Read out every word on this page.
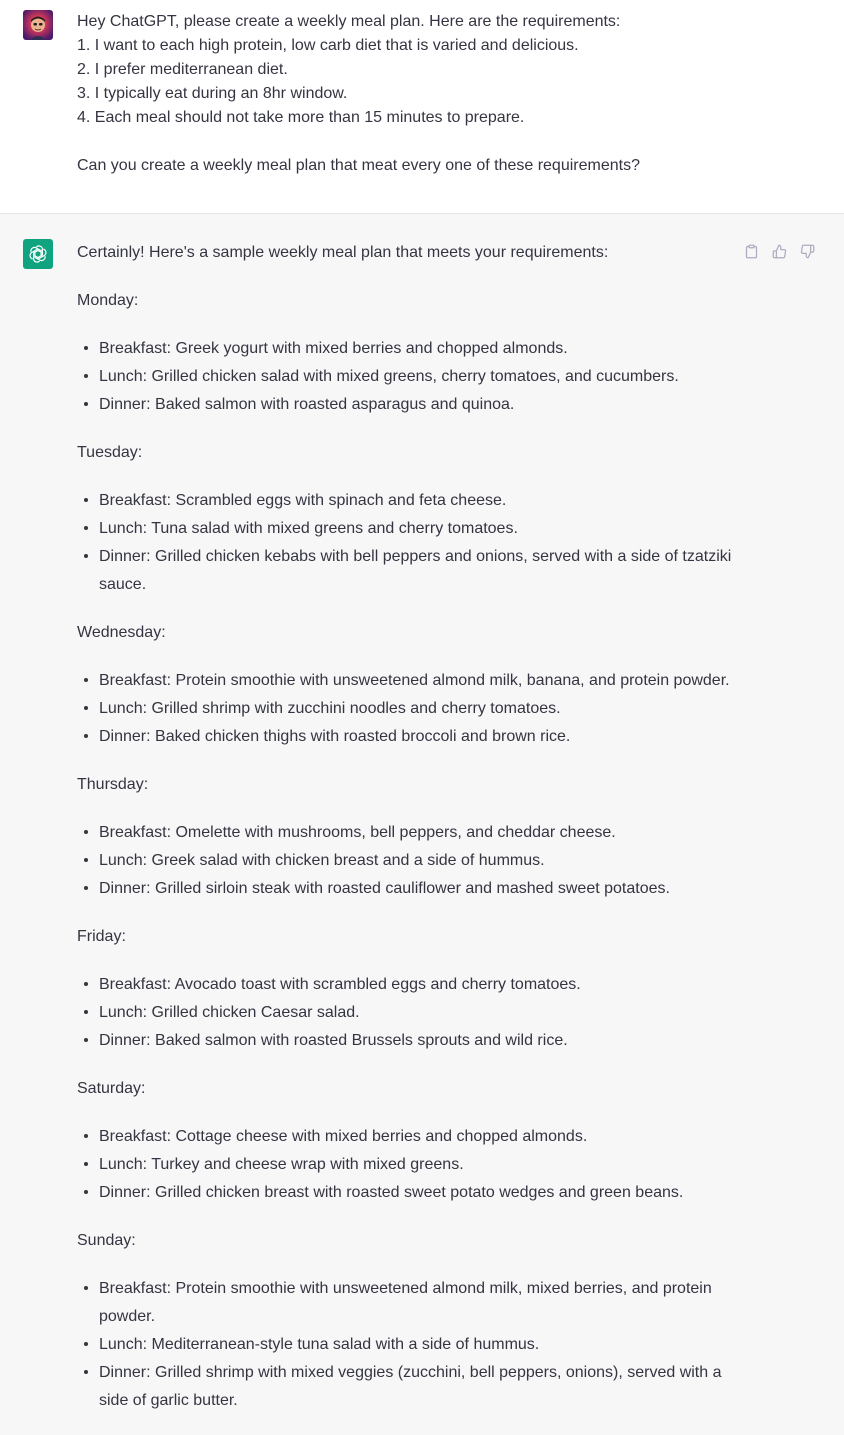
Hey ChatGPT, please create a weekly meal plan. Here are the requirements:

1. I want to each high protein, low carb diet that is varied and delicious.

2. I prefer mediterranean diet.

3. I typically eat during an 8hr window.

4. Each meal should not take more than 15 minutes to prepare.

Can you create a weekly meal plan that meat every one of these requirements?

Certainly! Here's a sample weekly meal plan that meets your requirements:

Monday:

Breakfast: Greek yogurt with mixed berries and chopped almonds.
Lunch: Grilled chicken salad with mixed greens, cherry tomatoes, and cucumbers.
Dinner: Baked salmon with roasted asparagus and quinoa.

Tuesday:

Breakfast: Scrambled eggs with spinach and feta cheese.
Lunch: Tuna salad with mixed greens and cherry tomatoes.
Dinner: Grilled chicken kebabs with bell peppers and onions, served with a side of tzatziki sauce.

Wednesday:

Breakfast: Protein smoothie with unsweetened almond milk, banana, and protein powder.
Lunch: Grilled shrimp with zucchini noodles and cherry tomatoes.
Dinner: Baked chicken thighs with roasted broccoli and brown rice.

Thursday:

Breakfast: Omelette with mushrooms, bell peppers, and cheddar cheese.
Lunch: Greek salad with chicken breast and a side of hummus.
Dinner: Grilled sirloin steak with roasted cauliflower and mashed sweet potatoes.

Friday:

Breakfast: Avocado toast with scrambled eggs and cherry tomatoes.
Lunch: Grilled chicken Caesar salad.
Dinner: Baked salmon with roasted Brussels sprouts and wild rice.

Saturday:

Breakfast: Cottage cheese with mixed berries and chopped almonds.
Lunch: Turkey and cheese wrap with mixed greens.
Dinner: Grilled chicken breast with roasted sweet potato wedges and green beans.

Sunday:

Breakfast: Protein smoothie with unsweetened almond milk, mixed berries, and protein powder.
Lunch: Mediterranean-style tuna salad with a side of hummus.
Dinner: Grilled shrimp with mixed veggies (zucchini, bell peppers, onions), served with a side of garlic butter.
